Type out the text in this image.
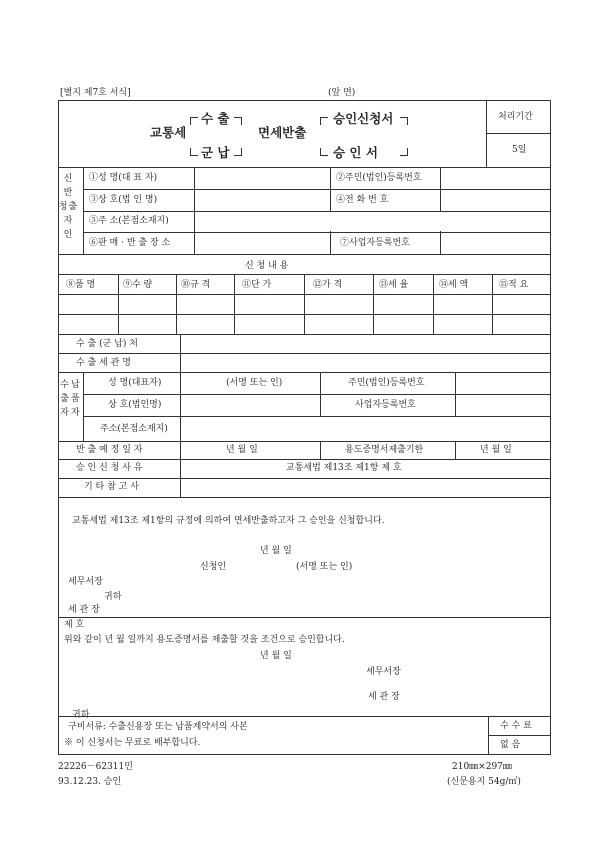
[별지 제7호 서식]	(앞 면)
교통세
수 출
군 납
면세반출
승인신청서
승 인 서
처리기간
5일
신
반
청 출
자
인
①성 명(대 표 자)	②주민(법인)등록번호
③상 호(법 인 명)	④전 화 번 호
⑤주 소(본점소재지)
⑥판 매 · 반 출 장 소	⑦사업자등록번호
신 청 내 용
⑧품 명	⑨수 량	⑩규 격	⑪단 가	⑫가 격	⑬세 율	⑭세 액	⑮적 요
수 출 (군 납) 처
수 출 세 관 명
수 납
출 품
자 자
성 명(대표자)	(서명 또는 인)	주민(법인)등록번호
상 호(법인명)	사업자등록번호
주소(본점소재지)
반 출 예 정 일 자	년 월 일	용도증명서제출기한	년 월 일
승 인 신 청 사 유	교통세법 제13조 제1항 제 호
기 타 참 고 사
교통세법 제13조 제1항의 규정에 의하여 면세반출하고자 그 승인을 신청합니다.
년 월 일
신청인	(서명 또는 인)
세무서장
귀하
세 관 장
제 호
위와 같이 년 월 일까지 용도증명서를 제출할 것을 조건으로 승인합니다.
년 월 일
세무서장
세 관 장
귀하
구비서류: 수출신용장 또는 납품계약서의 사본
※ 이 신청서는 무료로 배부합니다.
수 수 료
없 음
22226－62311민
93.12.23. 승인
210㎜×297㎜
(신문용지 54g/㎡)
